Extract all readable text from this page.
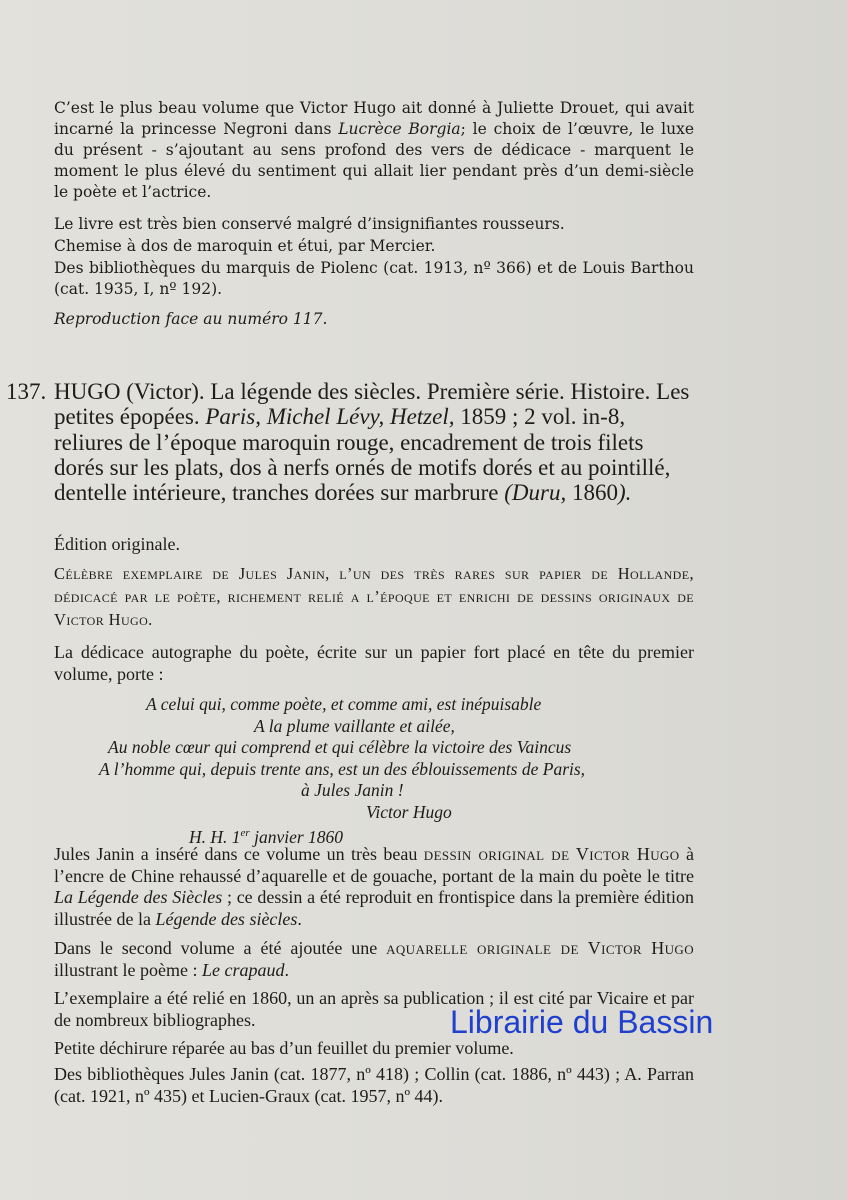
C’est le plus beau volume que Victor Hugo ait donné à Juliette Drouet, qui avait incarné la princesse Negroni dans Lucrèce Borgia; le choix de l’œuvre, le luxe du présent - s’ajoutant au sens profond des vers de dédicace - marquent le moment le plus élevé du sentiment qui allait lier pendant près d’un demi-siècle le poète et l’actrice.

Le livre est très bien conservé malgré d’insignifiantes rousseurs.

Chemise à dos de maroquin et étui, par Mercier.

Des bibliothèques du marquis de Piolenc (cat. 1913, nº 366) et de Louis Barthou (cat. 1935, I, nº 192).

Reproduction face au numéro 117.

137. HUGO (Victor). La légende des siècles. Première série. Histoire. Les petites épopées. Paris, Michel Lévy, Hetzel, 1859 ; 2 vol. in-8, reliures de l’époque maroquin rouge, encadrement de trois filets dorés sur les plats, dos à nerfs ornés de motifs dorés et au pointillé, dentelle intérieure, tranches dorées sur marbrure (Duru, 1860).

Édition originale.

Célèbre exemplaire de Jules Janin, l’un des très rares sur papier de Hollande, dédicacé par le poète, richement relié a l’époque et enrichi de dessins originaux de Victor Hugo.

La dédicace autographe du poète, écrite sur un papier fort placé en tête du premier volume, porte :

A celui qui, comme poète, et comme ami, est inépuisable
A la plume vaillante et ailée,
Au noble cœur qui comprend et qui célèbre la victoire des Vaincus
A l’homme qui, depuis trente ans, est un des éblouissements de Paris,
à Jules Janin !
Victor Hugo
H. H. 1er janvier 1860

Jules Janin a inséré dans ce volume un très beau dessin original de Victor Hugo à l’encre de Chine rehaussé d’aquarelle et de gouache, portant de la main du poète le titre La Légende des Siècles ; ce dessin a été reproduit en frontispice dans la première édition illustrée de la Légende des siècles.

Dans le second volume a été ajoutée une aquarelle originale de Victor Hugo illustrant le poème : Le crapaud.

L’exemplaire a été relié en 1860, un an après sa publication ; il est cité par Vicaire et par de nombreux bibliographes.

Petite déchirure réparée au bas d’un feuillet du premier volume.

Des bibliothèques Jules Janin (cat. 1877, nº 418) ; Collin (cat. 1886, nº 443) ; A. Parran (cat. 1921, nº 435) et Lucien-Graux (cat. 1957, nº 44).

Librairie du Bassin
